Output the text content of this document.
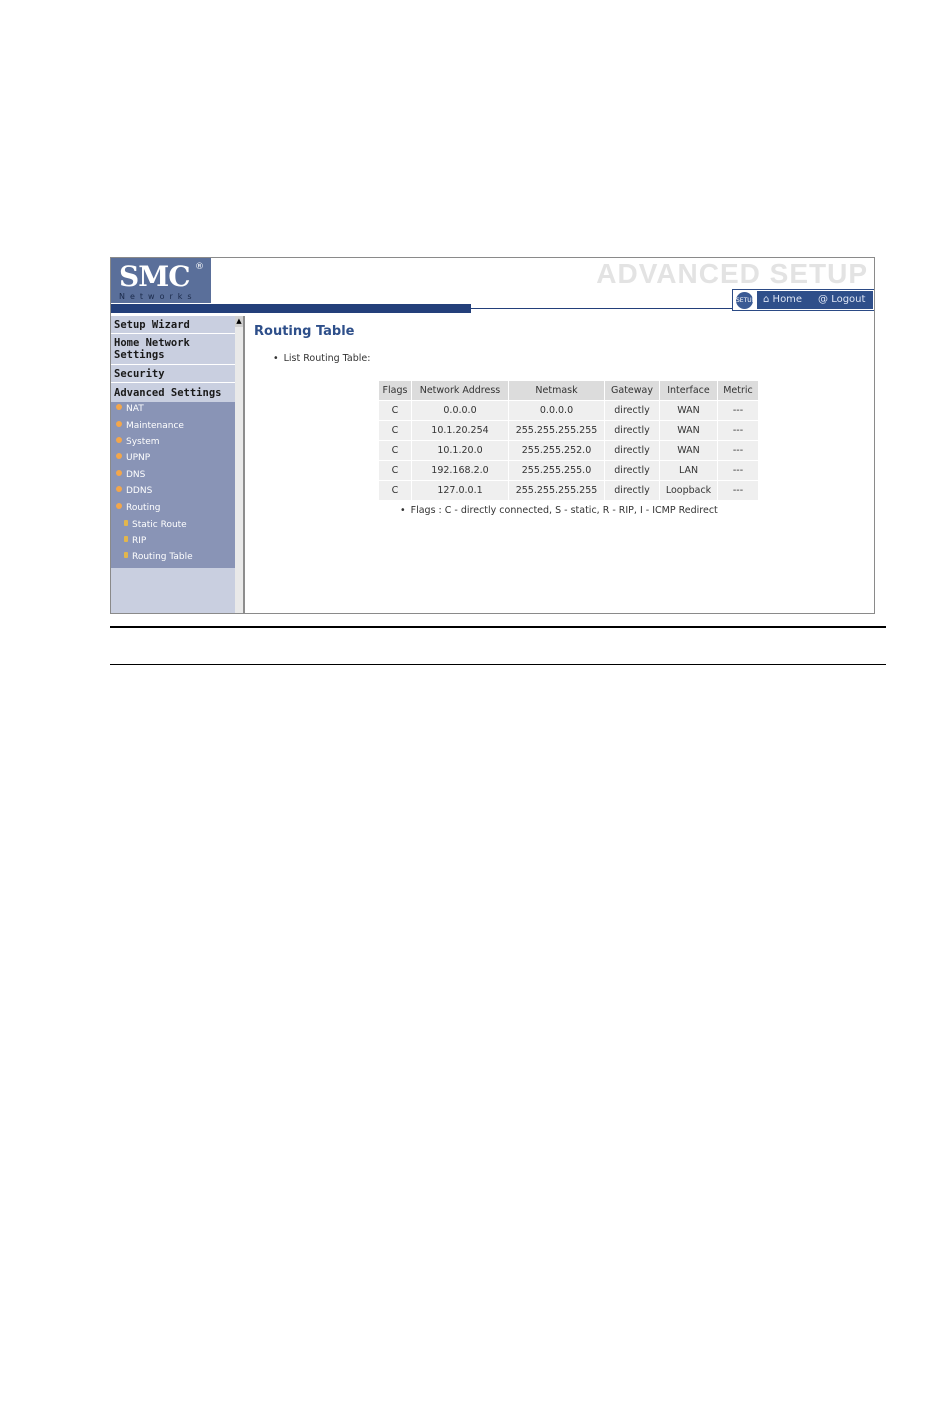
SMC ®
Networks
ADVANCED SETUP
SETUP ⌂ Home @ Logout
Setup Wizard
Home Network Settings
Security
Advanced Settings
NAT
Maintenance
System
UPNP
DNS
DDNS
Routing
Static Route
RIP
Routing Table
▲
Routing Table
• List Routing Table:
Flags	Network Address	Netmask	Gateway	Interface	Metric
C	0.0.0.0	0.0.0.0	directly	WAN	---
C	10.1.20.254	255.255.255.255	directly	WAN	---
C	10.1.20.0	255.255.252.0	directly	WAN	---
C	192.168.2.0	255.255.255.0	directly	LAN	---
C	127.0.0.1	255.255.255.255	directly	Loopback	---
• Flags : C - directly connected, S - static, R - RIP, I - ICMP Redirect
